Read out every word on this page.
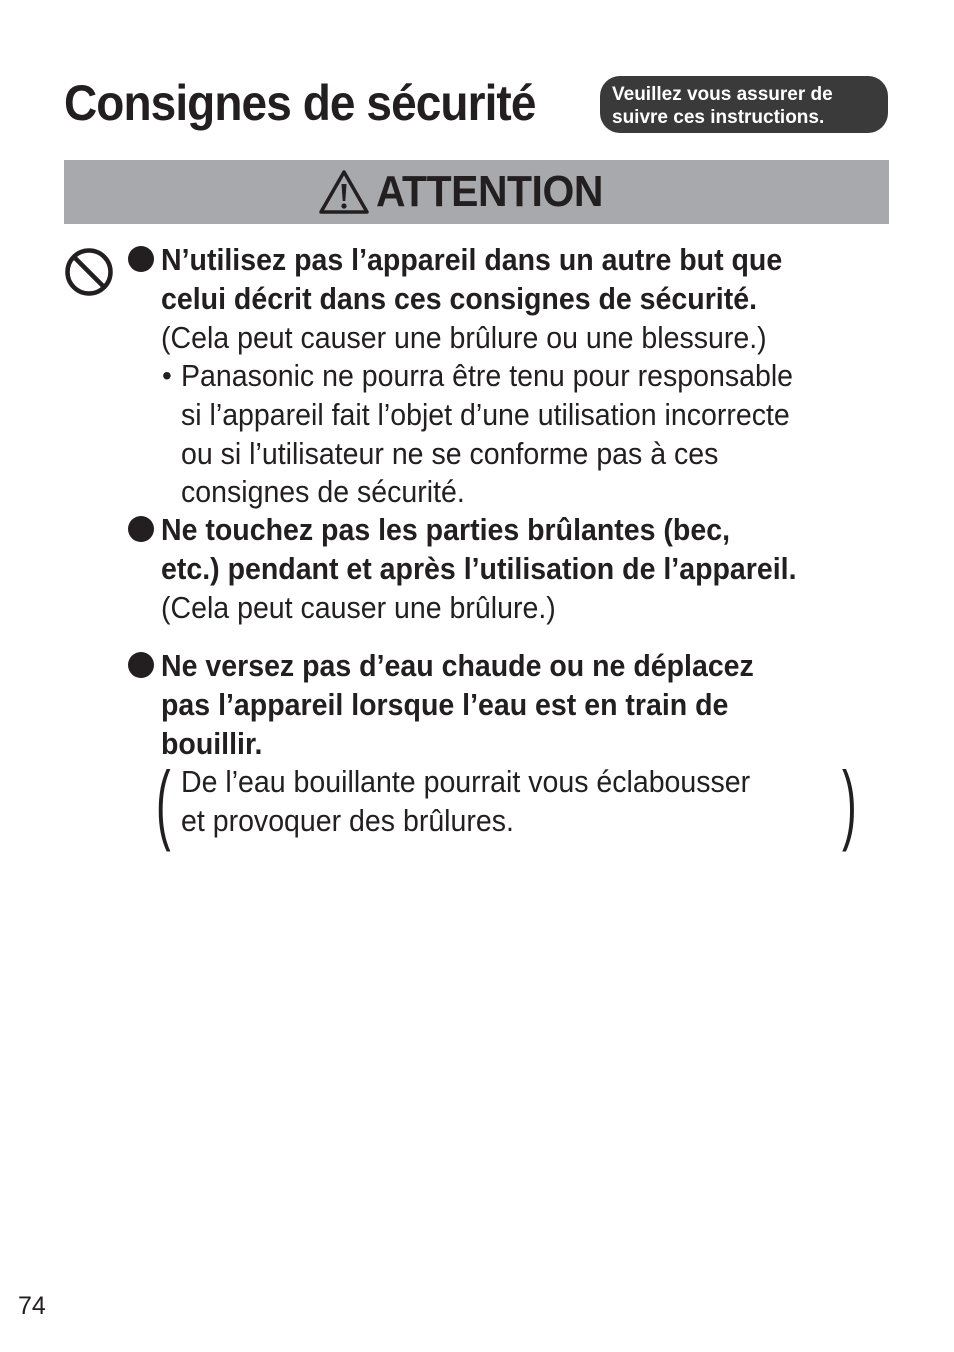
Consignes de sécurité	Veuillez vous assurer de
suivre ces instructions.
ATTENTION
N’utilisez pas l’appareil dans un autre but que
celui décrit dans ces consignes de sécurité.
(Cela peut causer une brûlure ou une blessure.)
• Panasonic ne pourra être tenu pour responsable
si l’appareil fait l’objet d’une utilisation incorrecte
ou si l’utilisateur ne se conforme pas à ces
consignes de sécurité.
Ne touchez pas les parties brûlantes (bec,
etc.) pendant et après l’utilisation de l’appareil.
(Cela peut causer une brûlure.)
Ne versez pas d’eau chaude ou ne déplacez
pas l’appareil lorsque l’eau est en train de
bouillir.
( De l’eau bouillante pourrait vous éclabousser
et provoquer des brûlures.	)
74
